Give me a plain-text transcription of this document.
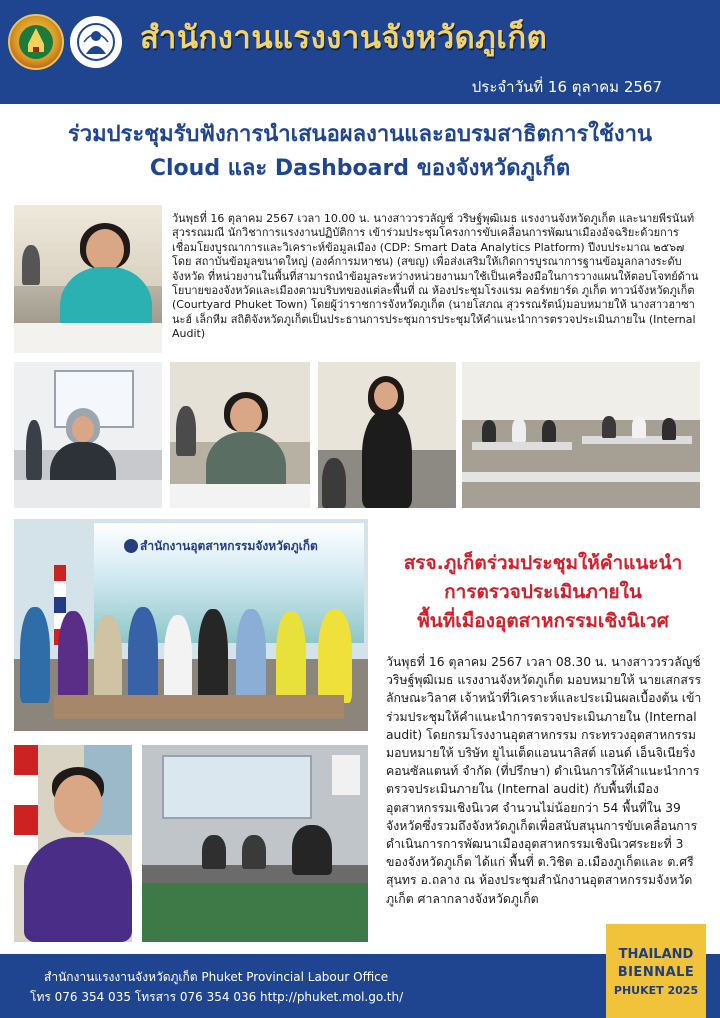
สำนักงานแรงงานจังหวัดภูเก็ต
ประจำวันที่ 16 ตุลาคม 2567
ร่วมประชุมรับฟังการนำเสนอผลงานและอบรมสาธิตการใช้งาน
Cloud และ Dashboard ของจังหวัดภูเก็ต
วันพุธที่ 16 ตุลาคม 2567 เวลา 10.00 น. นางสาววรวลัญช์ วริษฐ์พุฒิเมธ แรงงานจังหวัดภูเก็ต และนายพีรนันท์ สุวรรณมณี นักวิชาการแรงงานปฏิบัติการ เข้าร่วมประชุมโครงการขับเคลื่อนการพัฒนาเมืองอัจฉริยะด้วยการเชื่อมโยงบูรณาการและวิเคราะห์ข้อมูลเมือง (CDP: Smart Data Analytics Platform) ปีงบประมาณ ๒๕๖๗ โดย สถาบันข้อมูลขนาดใหญ่ (องค์การมหาชน) (สขญ) เพื่อส่งเสริมให้เกิดการบูรณาการฐานข้อมูลกลางระดับจังหวัด ที่หน่วยงานในพื้นที่สามารถนำข้อมูลระหว่างหน่วยงานมาใช้เป็นเครื่องมือในการวางแผนให้ตอบโจทย์ด้านโยบายของจังหวัดและเมืองตามบริบทของแต่ละพื้นที่ ณ ห้องประชุมโรงแรม คอร์ทยาร์ด ภูเก็ต ทาวน์จังหวัดภูเก็ต (Courtyard Phuket Town) โดยผู้ว่าราชการจังหวัดภูเก็ต (นายโสภณ สุวรรณรัตน์)มอบหมายให้ นางสาวฮาซานะฮ์ เล็กหีม สถิติจังหวัดภูเก็ตเป็นประธานการประชุมการประชุมให้คำแนะนำการตรวจประเมินภายใน (Internal Audit)
สำนักงานอุตสาหกรรมจังหวัดภูเก็ต
สรจ.ภูเก็ตร่วมประชุมให้คำแนะนำ
การตรวจประเมินภายใน
พื้นที่เมืองอุตสาหกรรมเชิงนิเวศ
วันพุธที่ 16 ตุลาคม 2567 เวลา 08.30 น. นางสาววรวลัญช์ วริษฐ์พุฒิเมธ แรงงานจังหวัดภูเก็ต มอบหมายให้ นายเสกสรร ลักษณะวิลาศ เจ้าหน้าที่วิเคราะห์และประเมินผลเบื้องต้น เข้าร่วมประชุมให้คำแนะนำการตรวจประเมินภายใน (Internal audit) โดยกรมโรงงานอุตสาหกรรม กระทรวงอุตสาหกรรม มอบหมายให้ บริษัท ยูไนเต็ดแอนนาลิสต์ แอนด์ เอ็นจิเนียริ่ง คอนซัลแตนท์ จำกัด (ที่ปรึกษา) ดำเนินการให้คำแนะนำการตรวจประเมินภายใน (Internal audit) กับพื้นที่เมืองอุตสาหกรรมเชิงนิเวศ จำนวนไม่น้อยกว่า 54 พื้นที่ใน 39 จังหวัดซึ่งรวมถึงจังหวัดภูเก็ตเพื่อสนับสนุนการขับเคลื่อนการดำเนินการการพัฒนาเมืองอุตสาหกรรมเชิงนิเวศระยะที่ 3 ของจังหวัดภูเก็ต ได้แก่ พื้นที่ ต.วิชิต อ.เมืองภูเก็ตและ ต.ศรีสุนทร อ.ถลาง ณ ห้องประชุมสำนักงานอุตสาหกรรมจังหวัดภูเก็ต ศาลากลางจังหวัดภูเก็ต
สำนักงานแรงงานจังหวัดภูเก็ต Phuket Provincial Labour Office
โทร 076 354 035 โทรสาร 076 354 036 http://phuket.mol.go.th/
THAILAND
BIENNALE
PHUKET 2025
